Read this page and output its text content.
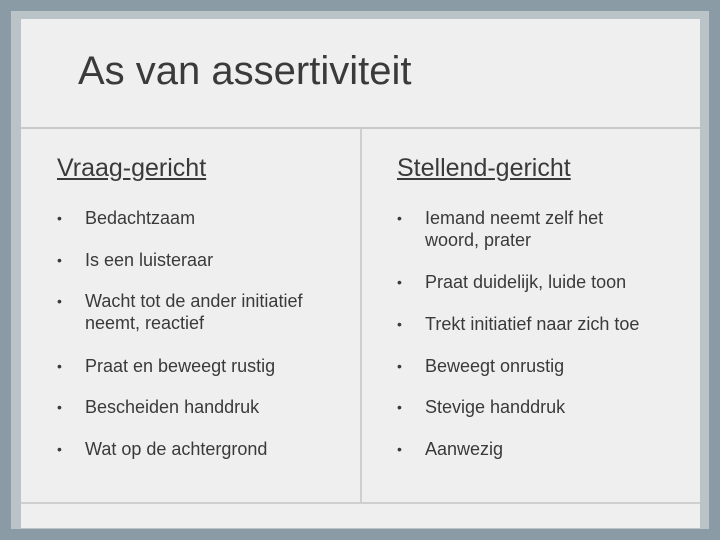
As van assertiviteit
Vraag-gericht
•	Bedachtzaam
•	Is een luisteraar
•	Wacht tot de ander initiatief neemt, reactief
•	Praat en beweegt rustig
•	Bescheiden handdruk
•	Wat op de achtergrond
Stellend-gericht
•	Iemand neemt zelf het woord, prater
•	Praat duidelijk, luide toon
•	Trekt initiatief naar zich toe
•	Beweegt onrustig
•	Stevige handdruk
•	Aanwezig
